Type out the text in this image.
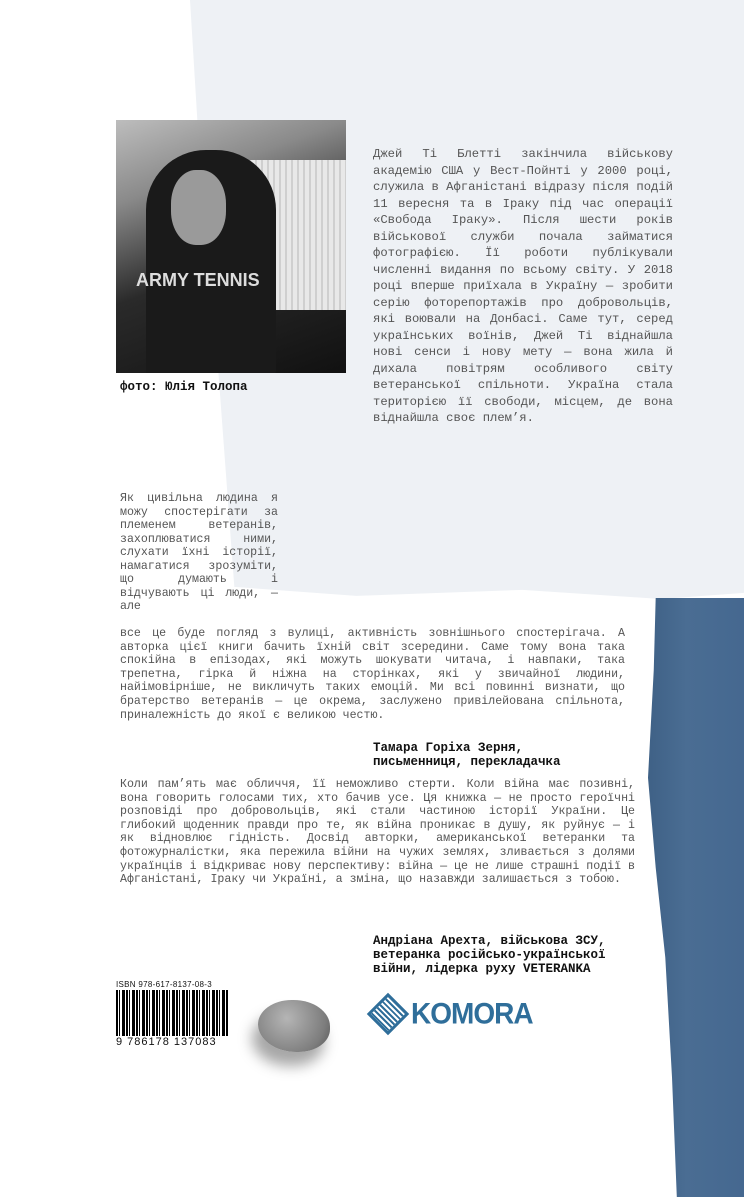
ARMY TENNIS
фото: Юлія Толопа
Джей Ті Блетті закінчила військову академію США у Вест-Пойнті у 2000 році, служила в Афганістані відразу після подій 11 вересня та в Іраку під час операції «Свобода Іраку». Після шести років військової служби почала займатися фотографією. Її роботи публікували численні видання по всьому світу. У 2018 році вперше приїхала в Україну — зробити серію фоторепортажів про добровольців, які воювали на Донбасі. Саме тут, серед українських воїнів, Джей Ті віднайшла нові сенси і нову мету — вона жила й дихала повітрям особливого світу ветеранської спільноти. Україна стала територією її свободи, місцем, де вона віднайшла своє плем’я.
Як цивільна людина я можу спостерігати за племенем ветеранів, захоплюватися ними, слухати їхні історії, намагатися зрозуміти, що думають і відчувають ці люди, — але
все це буде погляд з вулиці, активність зовнішнього спостерігача. А авторка цієї книги бачить їхній світ зсередини. Саме тому вона така спокійна в епізодах, які можуть шокувати читача, і навпаки, така трепетна, гірка й ніжна на сторінках, які у звичайної людини, найімовірніше, не викличуть таких емоцій. Ми всі повинні визнати, що братерство ветеранів — це окрема, заслужено привілейована спільнота, приналежність до якої є великою честю.
Тамара Горіха Зерня,
письменниця, перекладачка
Коли пам’ять має обличчя, її неможливо стерти. Коли війна має позивні, вона говорить голосами тих, хто бачив усе. Ця книжка — не просто героїчні розповіді про добровольців, які стали частиною історії України. Це глибокий щоденник правди про те, як війна проникає в душу, як руйнує — і як відновлює гідність. Досвід авторки, американської ветеранки та фотожурналістки, яка пережила війни на чужих землях, зливається з долями українців і відкриває нову перспективу: війна — це не лише страшні події в Афганістані, Іраку чи Україні, а зміна, що назавжди залишається з тобою.
Андріана Арехта, військова ЗСУ,
ветеранка російсько-української
війни, лідерка руху VETERANKA
ISBN 978-617-8137-08-3
9 786178 137083
KOMORA
